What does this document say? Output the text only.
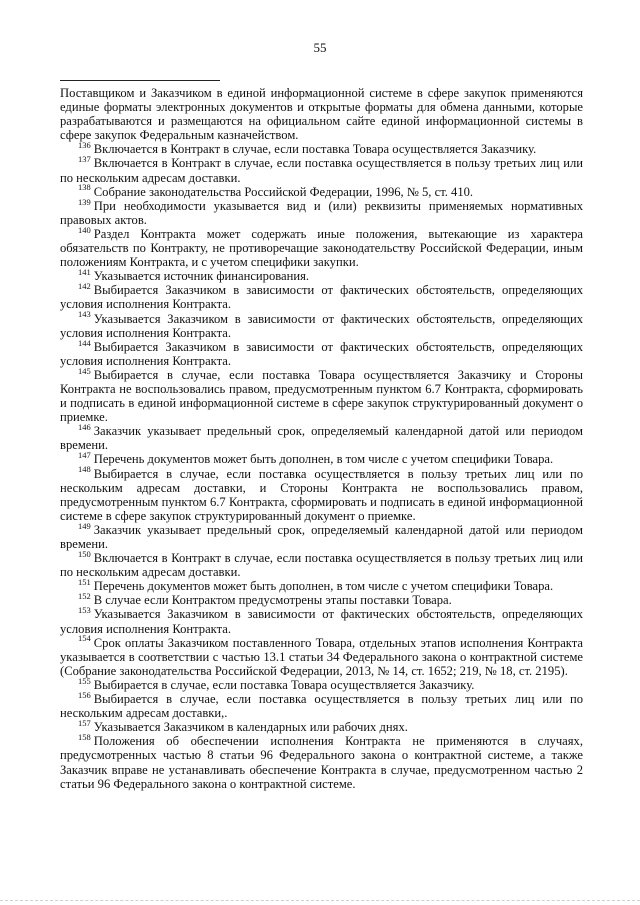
55

Поставщиком и Заказчиком в единой информационной системе в сфере закупок применяются единые форматы электронных документов и открытые форматы для обмена данными, которые разрабатываются и размещаются на официальном сайте единой информационной системы в сфере закупок Федеральным казначейством.

$^{136}$ Включается в Контракт в случае, если поставка Товара осуществляется Заказчику.

$^{137}$ Включается в Контракт в случае, если поставка осуществляется в пользу третьих лиц или по нескольким адресам доставки.

$^{138}$ Собрание законодательства Российской Федерации, 1996, № 5, ст. 410.

$^{139}$ При необходимости указывается вид и (или) реквизиты применяемых нормативных правовых актов.

$^{140}$ Раздел Контракта может содержать иные положения, вытекающие из характера обязательств по Контракту, не противоречащие законодательству Российской Федерации, иным положениям Контракта, и с учетом специфики закупки.

$^{141}$ Указывается источник финансирования.

$^{142}$ Выбирается Заказчиком в зависимости от фактических обстоятельств, определяющих условия исполнения Контракта.

$^{143}$ Указывается Заказчиком в зависимости от фактических обстоятельств, определяющих условия исполнения Контракта.

$^{144}$ Выбирается Заказчиком в зависимости от фактических обстоятельств, определяющих условия исполнения Контракта.

$^{145}$ Выбирается в случае, если поставка Товара осуществляется Заказчику и Стороны Контракта не воспользовались правом, предусмотренным пунктом 6.7 Контракта, сформировать и подписать в единой информационной системе в сфере закупок структурированный документ о приемке.

$^{146}$ Заказчик указывает предельный срок, определяемый календарной датой или периодом времени.

$^{147}$ Перечень документов может быть дополнен, в том числе с учетом специфики Товара.

$^{148}$ Выбирается в случае, если поставка осуществляется в пользу третьих лиц или по нескольким адресам доставки, и Стороны Контракта не воспользовались правом, предусмотренным пунктом 6.7 Контракта, сформировать и подписать в единой информационной системе в сфере закупок структурированный документ о приемке.

$^{149}$ Заказчик указывает предельный срок, определяемый календарной датой или периодом времени.

$^{150}$ Включается в Контракт в случае, если поставка осуществляется в пользу третьих лиц или по нескольким адресам доставки.

$^{151}$ Перечень документов может быть дополнен, в том числе с учетом специфики Товара.

$^{152}$ В случае если Контрактом предусмотрены этапы поставки Товара.

$^{153}$ Указывается Заказчиком в зависимости от фактических обстоятельств, определяющих условия исполнения Контракта.

$^{154}$ Срок оплаты Заказчиком поставленного Товара, отдельных этапов исполнения Контракта указывается в соответствии с частью 13.1 статьи 34 Федерального закона о контрактной системе (Собрание законодательства Российской Федерации, 2013, № 14, ст. 1652; 219, № 18, ст. 2195).

$^{155}$ Выбирается в случае, если поставка Товара осуществляется Заказчику.

$^{156}$ Выбирается в случае, если поставка осуществляется в пользу третьих лиц или по нескольким адресам доставки,.

$^{157}$ Указывается Заказчиком в календарных или рабочих днях.

$^{158}$ Положения об обеспечении исполнения Контракта не применяются в случаях, предусмотренных частью 8 статьи 96 Федерального закона о контрактной системе, а также Заказчик вправе не устанавливать обеспечение Контракта в случае, предусмотренном частью 2 статьи 96 Федерального закона о контрактной системе.
